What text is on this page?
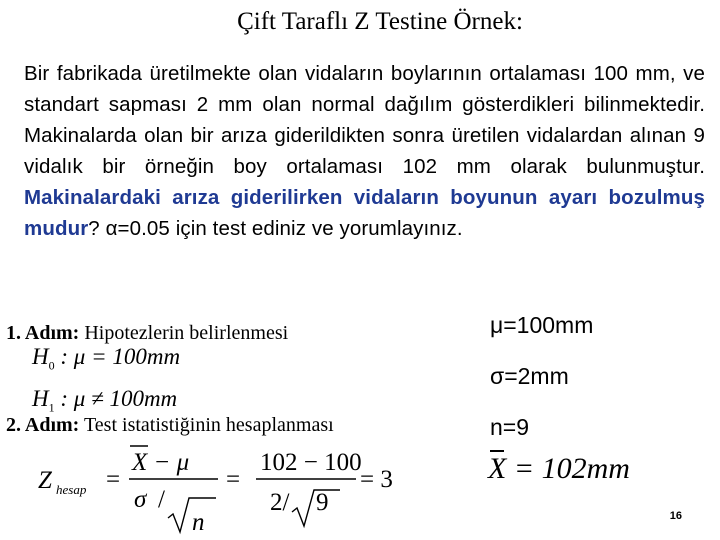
Çift Taraflı Z Testine Örnek:
Bir fabrikada üretilmekte olan vidaların boylarının ortalaması 100 mm, ve standart sapması 2 mm olan normal dağılım gösterdikleri bilinmektedir. Makinalarda olan bir arıza giderildikten sonra üretilen vidalardan alınan 9 vidalık bir örneğin boy ortalaması 102 mm olarak bulunmuştur. Makinalardaki arıza giderilirken vidaların boyunun ayarı bozulmuş mudur? α=0.05 için test ediniz ve yorumlayınız.
1. Adım: Hipotezlerin belirlenmesi
$H_0$ : μ = 100mm
$H_1$ : μ ≠ 100mm
2. Adım: Test istatistiğinin hesaplanması
Z hesap =
X − μ
σ /
n
=
102 − 100
2/ 9
= 3
μ=100mm
σ=2mm
n=9
X = 102mm
16
